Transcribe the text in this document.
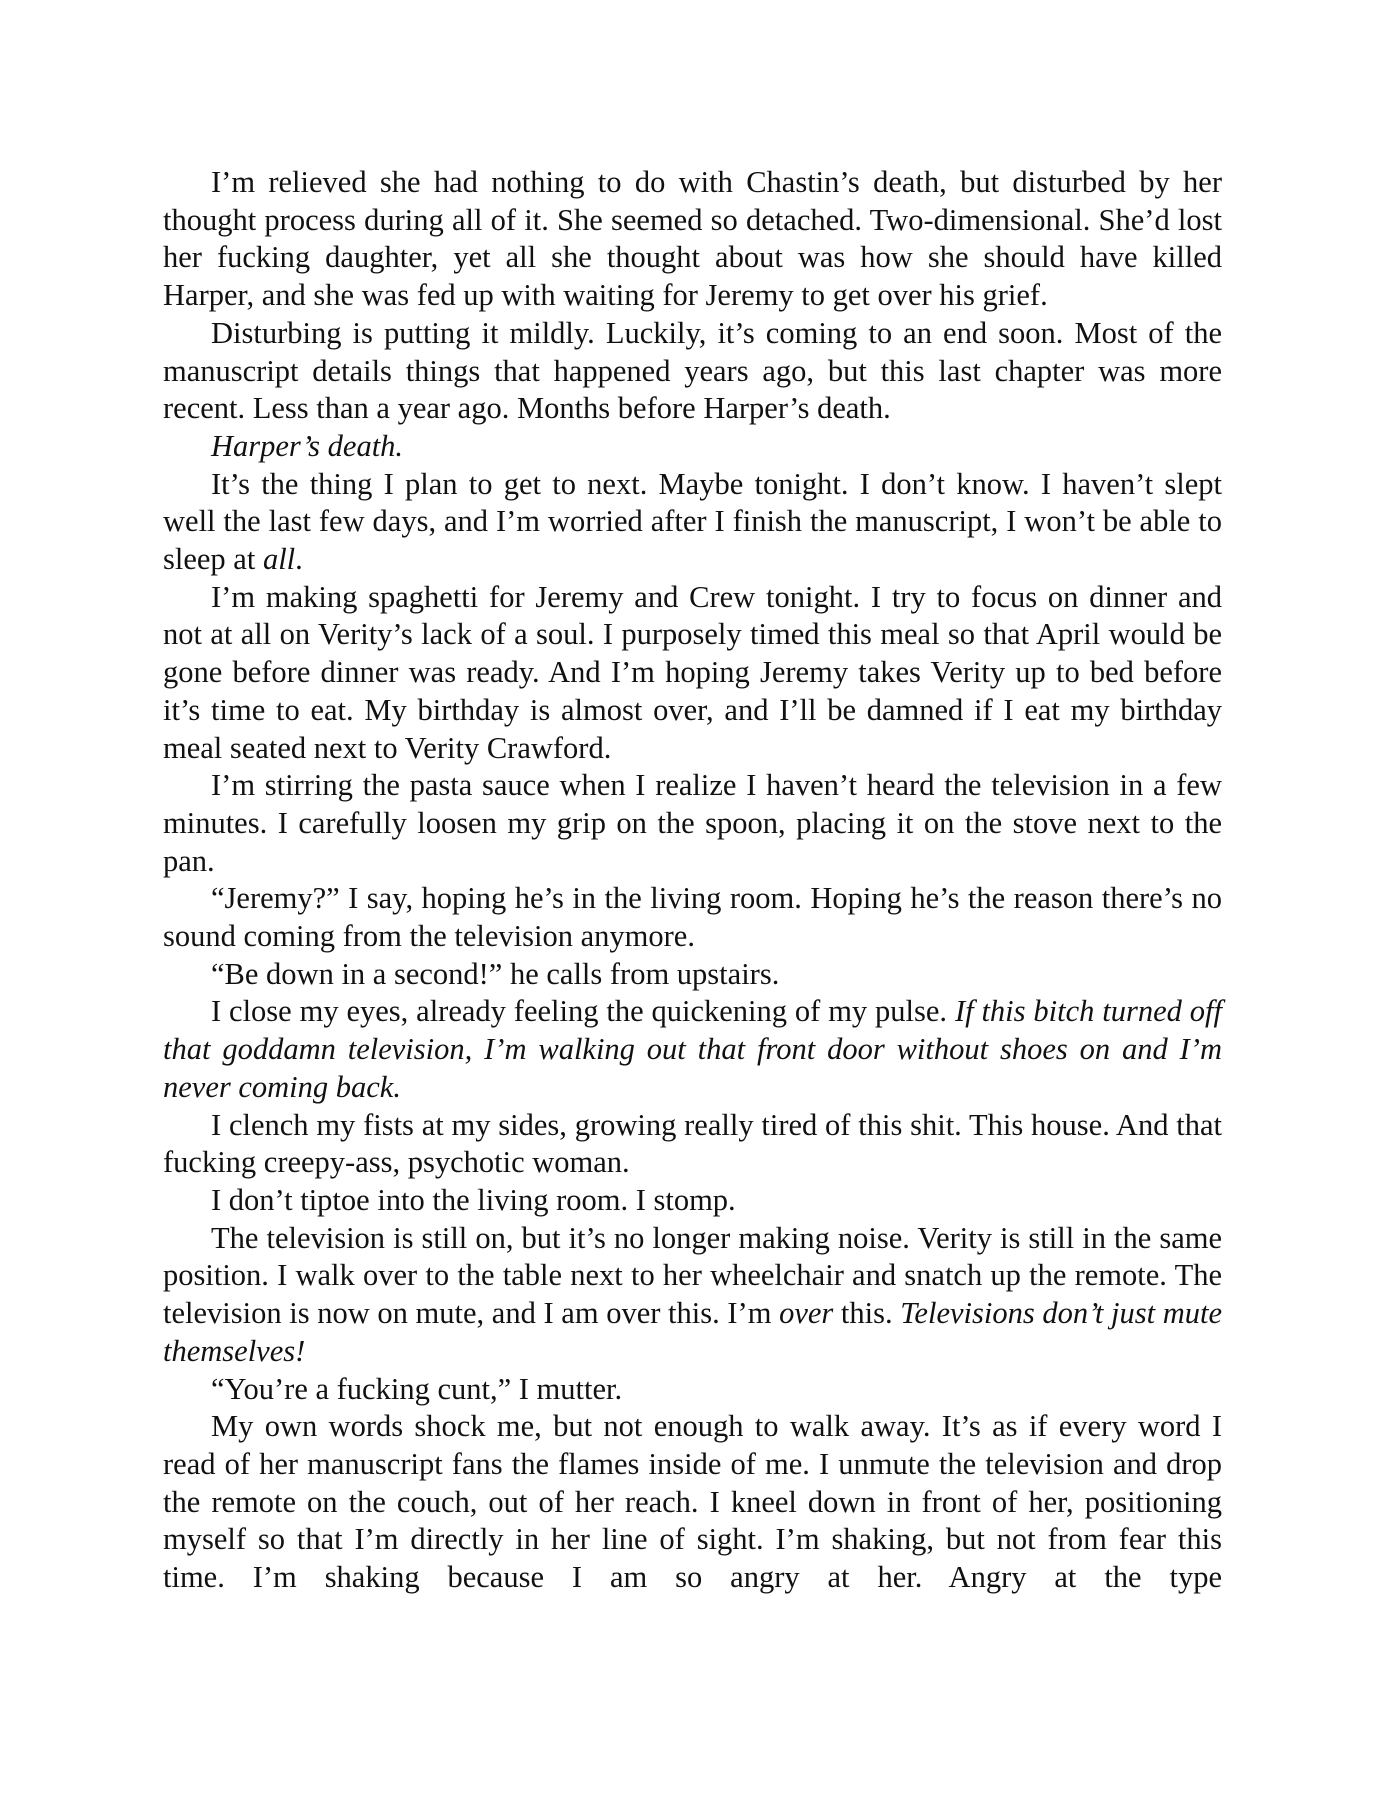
I’m relieved she had nothing to do with Chastin’s death, but disturbed by her thought process during all of it. She seemed so detached. Two-dimensional. She’d lost her fucking daughter, yet all she thought about was how she should have killed Harper, and she was fed up with waiting for Jeremy to get over his grief.

Disturbing is putting it mildly. Luckily, it’s coming to an end soon. Most of the manuscript details things that happened years ago, but this last chapter was more recent. Less than a year ago. Months before Harper’s death.

Harper’s death.

It’s the thing I plan to get to next. Maybe tonight. I don’t know. I haven’t slept well the last few days, and I’m worried after I finish the manuscript, I won’t be able to sleep at all.

I’m making spaghetti for Jeremy and Crew tonight. I try to focus on dinner and not at all on Verity’s lack of a soul. I purposely timed this meal so that April would be gone before dinner was ready. And I’m hoping Jeremy takes Verity up to bed before it’s time to eat. My birthday is almost over, and I’ll be damned if I eat my birthday meal seated next to Verity Crawford.

I’m stirring the pasta sauce when I realize I haven’t heard the television in a few minutes. I carefully loosen my grip on the spoon, placing it on the stove next to the pan.

“Jeremy?” I say, hoping he’s in the living room. Hoping he’s the reason there’s no sound coming from the television anymore.

“Be down in a second!” he calls from upstairs.

I close my eyes, already feeling the quickening of my pulse. If this bitch turned off that goddamn television, I’m walking out that front door without shoes on and I’m never coming back.

I clench my fists at my sides, growing really tired of this shit. This house. And that fucking creepy-ass, psychotic woman.

I don’t tiptoe into the living room. I stomp.

The television is still on, but it’s no longer making noise. Verity is still in the same position. I walk over to the table next to her wheelchair and snatch up the remote. The television is now on mute, and I am over this. I’m over this. Televisions don’t just mute themselves!

“You’re a fucking cunt,” I mutter.

My own words shock me, but not enough to walk away. It’s as if every word I read of her manuscript fans the flames inside of me. I unmute the television and drop the remote on the couch, out of her reach. I kneel down in front of her, positioning myself so that I’m directly in her line of sight. I’m shaking, but not from fear this time. I’m shaking because I am so angry at her. Angry at the type
